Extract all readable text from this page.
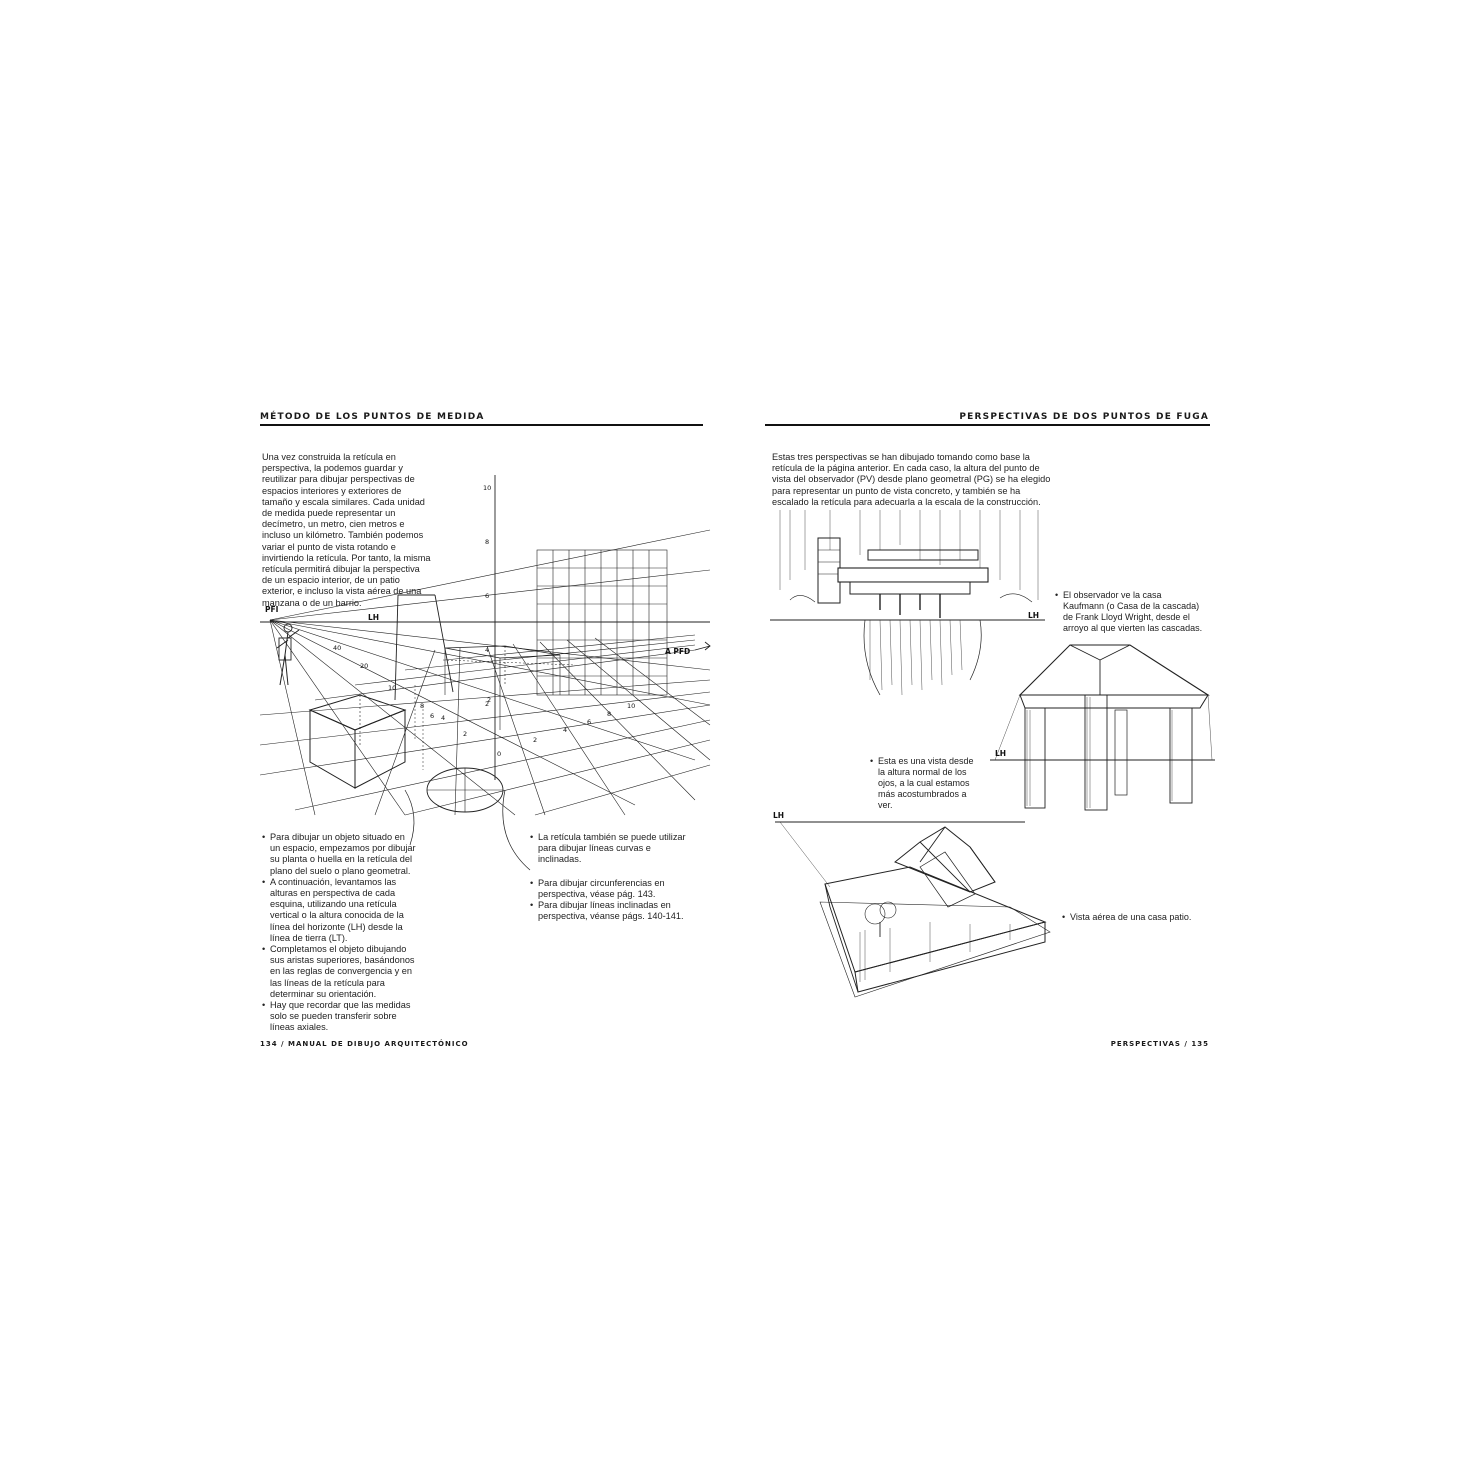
MÉTODO DE LOS PUNTOS DE MEDIDA
Una vez construida la retícula en perspectiva, la podemos guardar y reutilizar para dibujar perspectivas de espacios interiores y exteriores de tamaño y escala similares. Cada unidad de medida puede representar un decímetro, un metro, cien metros e incluso un kilómetro. También podemos variar el punto de vista rotando e invirtiendo la retícula. Por tanto, la misma retícula permitirá dibujar la perspectiva de un espacio interior, de un patio exterior, e incluso la vista aérea de una manzana o de un barrio.
PFI
LH
A PFD
10
8
6
4
2
0
40
20
10
8
6 4
2
2
2
4
6
8
10
• Para dibujar un objeto situado en un espacio, empezamos por dibujar su planta o huella en la retícula del plano del suelo o plano geometral.
• A continuación, levantamos las alturas en perspectiva de cada esquina, utilizando una retícula vertical o la altura conocida de la línea del horizonte (LH) desde la línea de tierra (LT).
• Completamos el objeto dibujando sus aristas superiores, basándonos en las reglas de convergencia y en las líneas de la retícula para determinar su orientación.
• Hay que recordar que las medidas solo se pueden transferir sobre líneas axiales.
• La retícula también se puede utilizar para dibujar líneas curvas e inclinadas.
• Para dibujar circunferencias en perspectiva, véase pág. 143.
• Para dibujar líneas inclinadas en perspectiva, véanse págs. 140-141.
134 / MANUAL DE DIBUJO ARQUITECTÓNICO
PERSPECTIVAS DE DOS PUNTOS DE FUGA
Estas tres perspectivas se han dibujado tomando como base la retícula de la página anterior. En cada caso, la altura del punto de vista del observador (PV) desde plano geometral (PG) se ha elegido para representar un punto de vista concreto, y también se ha escalado la retícula para adecuarla a la escala de la construcción.
LH
• El observador ve la casa Kaufmann (o Casa de la cascada) de Frank Lloyd Wright, desde el arroyo al que vierten las cascadas.
LH
• Esta es una vista desde la altura normal de los ojos, a la cual estamos más acostumbrados a ver.
LH
• Vista aérea de una casa patio.
PERSPECTIVAS / 135
